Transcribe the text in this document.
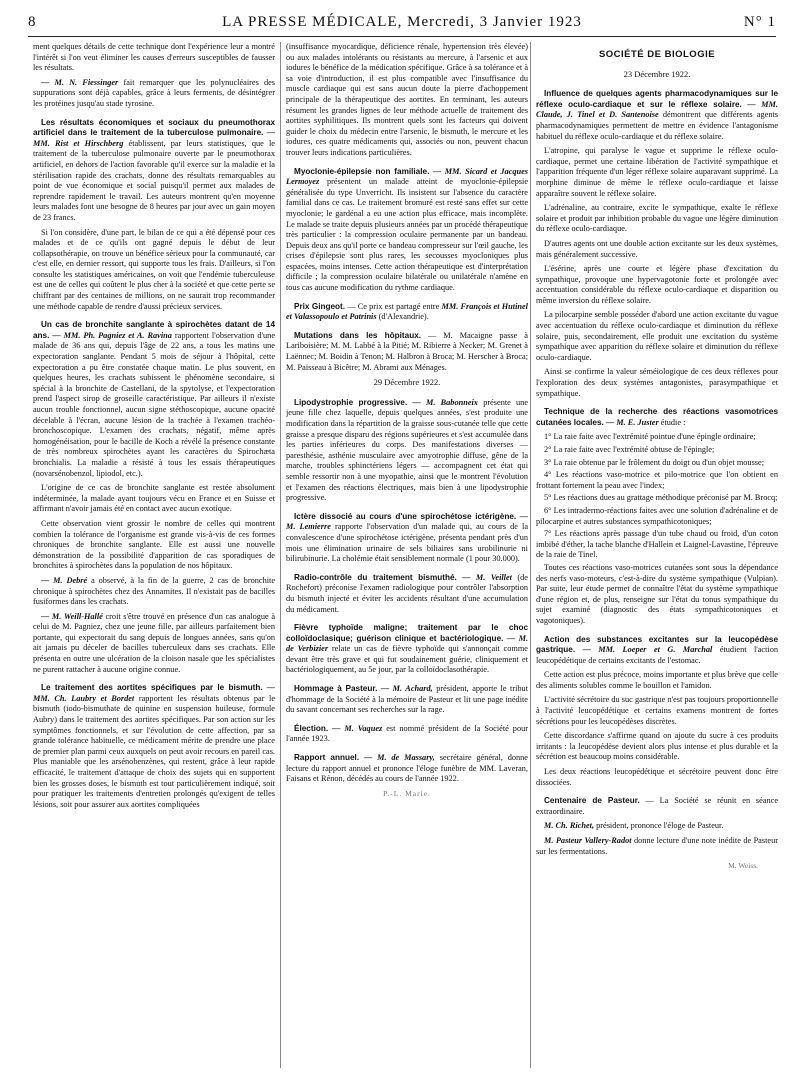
8	LA PRESSE MÉDICALE, Mercredi, 3 Janvier 1923	N° 1

ment quelques détails de cette technique dont l'expérience leur a montré l'intérêt si l'on veut éliminer les causes d'erreurs susceptibles de fausser les résultats.

— M. N. Fiessinger fait remarquer que les polynucléaires des suppurations sont déjà capables, grâce à leurs ferments, de désintégrer les protéines jusqu'au stade tyrosine.

Les résultats économiques et sociaux du pneumothorax artificiel dans le traitement de la tuberculose pulmonaire. — MM. Rist et Hirschberg établissent, par leurs statistiques, que le traitement de la tuberculose pulmonaire ouverte par le pneumothorax artificiel, en dehors de l'action favorable qu'il exerce sur la maladie et la stérilisation rapide des crachats, donne des résultats remarquables au point de vue économique et social puisqu'il permet aux malades de reprendre rapidement le travail. Les auteurs montrent qu'en moyenne leurs malades font une besogne de 8 heures par jour avec un gain moyen de 23 francs.

Si l'on considère, d'une part, le bilan de ce qui a été dépensé pour ces malades et de ce qu'ils ont gagné depuis le début de leur collapsothérapie, on trouve un bénéfice sérieux pour la communauté, car c'est elle, en dernier ressort, qui supporte tous les frais. D'ailleurs, si l'on consulte les statistiques américaines, on voit que l'endémie tuberculeuse est une de celles qui coûtent le plus cher à la société et que cette perte se chiffrant par des centaines de millions, on ne saurait trop recommander une méthode capable de rendre d'aussi précieux services.

Un cas de bronchite sanglante à spirochètes datant de 14 ans. — MM. Ph. Pagniez et A. Ravina rapportent l'observation d'une malade de 36 ans qui, depuis l'âge de 22 ans, a tous les matins une expectoration sanglante. Pendant 5 mois de séjour à l'hôpital, cette expectoration a pu être constatée chaque matin. Le plus souvent, en quelques heures, les crachats subissent le phénomène secondaire, si spécial à la bronchite de Castellani, de la spytolyse, et l'expectoration prend l'aspect sirop de groseille caractéristique. Par ailleurs il n'existe aucun trouble fonctionnel, aucun signe stéthoscopique, aucune opacité décelable à l'écran, aucune lésion de la trachée à l'examen trachéo-bronchoscopique. L'examen des crachats, négatif, même après homogénéisation, pour le bacille de Koch a révélé la présence constante de très nombreux spirochètes ayant les caractères du Spirochæta bronchialis. La maladie a résisté à tous les essais thérapeutiques (novarsénobenzol, lipiodol, etc.).

L'origine de ce cas de bronchite sanglante est restée absolument indéterminée, la malade ayant toujours vécu en France et en Suisse et affirmant n'avoir jamais été en contact avec aucun exotique.

Cette observation vient grossir le nombre de celles qui montrent combien la tolérance de l'organisme est grande vis-à-vis de ces formes chroniques de bronchite sanglante. Elle est aussi une nouvelle démonstration de la possibilité d'apparition de cas sporadiques de bronchites à spirochètes dans la population de nos hôpitaux.

— M. Debré a observé, à la fin de la guerre, 2 cas de bronchite chronique à spirochètes chez des Annamites. Il n'existait pas de bacilles fusiformes dans les crachats.

— M. Weill-Hallé croit s'être trouvé en présence d'un cas analogue à celui de M. Pagniez, chez une jeune fille, par ailleurs parfaitement bien portante, qui expectorait du sang depuis de longues années, sans qu'on ait jamais pu déceler de bacilles tuberculeux dans ses crachats. Elle présenta en outre une ulcération de la cloison nasale que les spécialistes ne purent rattacher à aucune origine connue.

Le traitement des aortites spécifiques par le bismuth. — MM. Ch. Laubry et Bordet rapportent les résultats obtenus par le bismuth (iodo-bismuthate de quinine en suspension huileuse, formule Aubry) dans le traitement des aortites spécifiques. Par son action sur les symptômes fonctionnels, et sur l'évolution de cette affection, par sa grande tolérance habituelle, ce médicament mérite de prendre une place de premier plan parmi ceux auxquels on peut avoir recours en pareil cas. Plus maniable que les arsénobenzènes, qui restent, grâce à leur rapide efficacité, le traitement d'attaque de choix des sujets qui en supportent bien les grosses doses, le bismuth est tout particulièrement indiqué, soit pour pratiquer les traitements d'entretien prolongés qu'exigent de telles lésions, soit pour assurer aux aortites compliquées

(insuffisance myocardique, déficience rénale, hypertension très élevée) ou aux malades intolérants ou résistants au mercure, à l'arsenic et aux iodures le bénéfice de la médication spécifique. Grâce à sa tolérance et à sa voie d'introduction, il est plus compatible avec l'insuffisance du muscle cardiaque qui est sans aucun doute la pierre d'achoppement principale de la thérapeutique des aortites. En terminant, les auteurs résument les grandes lignes de leur méthode actuelle de traitement des aortites syphilitiques. Ils montrent quels sont les facteurs qui doivent guider le choix du médecin entre l'arsenic, le bismuth, le mercure et les iodures, ces quatre médicaments qui, associés ou non, peuvent chacun trouver leurs indications particulières.

Myoclonie-épilepsie non familiale. — MM. Sicard et Jacques Lermoyez présentent un malade atteint de myoclonie-épilepsie généralisée du type Unverricht. Ils insistent sur l'absence du caractère familial dans ce cas. Le traitement bromuré est resté sans effet sur cette myoclonie; le gardénal a eu une action plus efficace, mais incomplète. Le malade se traite depuis plusieurs années par un procédé thérapeutique très particulier : la compression oculaire permanente par un bandeau. Depuis deux ans qu'il porte ce bandeau compresseur sur l'œil gauche, les crises d'épilepsie sont plus rares, les secousses myocloniques plus espacées, moins intenses. Cette action thérapeutique est d'interprétation difficile ; la compression oculaire bilatérale ou unilatérale n'amène en tous cas aucune modification du rythme cardiaque.

Prix Gingeot. — Ce prix est partagé entre MM. François et Hutinel et Valassopoulo et Patrinis (d'Alexandrie).

Mutations dans les hôpitaux. — M. Macaigne passe à Lariboisière; M. M. Labbé à la Pitié; M. Ribierre à Necker; M. Grenet à Laënnec; M. Boidin à Tenon; M. Halbron à Broca; M. Herscher à Broca; M. Paisseau à Bicêtre; M. Abrami aux Ménages.

29 Décembre 1922.

Lipodystrophie progressive. — M. Babonneix présente une jeune fille chez laquelle, depuis quelques années, s'est produite une modification dans la répartition de la graisse sous-cutanée telle que cette graisse a presque disparu des régions supérieures et s'est accumulée dans les parties inférieures du corps. Des manifestations diverses — paresthésie, asthénie musculaire avec amyotrophie diffuse, gêne de la marche, troubles sphinctériens légers — accompagnent cet état qui semble ressortir non à une myopathie, ainsi que le montrent l'évolution et l'examen des réactions électriques, mais bien à une lipodystrophie progressive.

Ictère dissocié au cours d'une spirochétose ictérigène. — M. Lemierre rapporte l'observation d'un malade qui, au cours de la convalescence d'une spirochétose ictérigène, présenta pendant près d'un mois une élimination urinaire de sels biliaires sans urobilinurie ni bilirubinurie. La cholémie était sensiblement normale (1 pour 30.000).

Radio-contrôle du traitement bismuthé. — M. Veillet (de Rochefort) préconise l'examen radiologique pour contrôler l'absorption du bismuth injecté et éviter les accidents résultant d'une accumulation du médicament.

Fièvre typhoïde maligne; traitement par le choc colloïdoclasique; guérison clinique et bactériologique. — M. de Verbizier relate un cas de fièvre typhoïde qui s'annonçait comme devant être très grave et qui fut soudainement guérie, cliniquement et bactériologiquement, au 5e jour, par la colloïdoclasothérapie.

Hommage à Pasteur. — M. Achard, président, apporte le tribut d'hommage de la Société à la mémoire de Pasteur et lit une page inédite du savant concernant ses recherches sur la rage.

Élection. — M. Vaquez est nommé président de la Société pour l'année 1923.

Rapport annuel. — M. de Massary, secrétaire général, donne lecture du rapport annuel et prononce l'éloge funèbre de MM. Laveran, Faisans et Rénon, décédés au cours de l'année 1922.

P.-L. Marie.

SOCIÉTÉ DE BIOLOGIE

23 Décembre 1922.

Influence de quelques agents pharmacodynamiques sur le réflexe oculo-cardiaque et sur le réflexe solaire. — MM. Claude, J. Tinel et D. Santenoise démontrent que différents agents pharmacodynamiques permettent de mettre en évidence l'antagonisme habituel du réflexe oculo-cardiaque et du réflexe solaire.

L'atropine, qui paralyse le vague et supprime le réflexe oculo-cardiaque, permet une certaine libération de l'activité sympathique et l'apparition fréquente d'un léger réflexe solaire auparavant supprimé. La morphine diminue de même le réflexe oculo-cardiaque et laisse apparaître souvent le réflexe solaire.

L'adrénaline, au contraire, excite le sympathique, exalte le réflexe solaire et produit par inhibition probable du vague une légère diminution du réflexe oculo-cardiaque.

D'autres agents ont une double action excitante sur les deux systèmes, mais généralement successive.

L'ésérine, après une courte et légère phase d'excitation du sympathique, provoque une hypervagotonie forte et prolongée avec accentuation considérable du réflexe oculo-cardiaque et disparition ou même inversion du réflexe solaire.

La pilocarpine semble posséder d'abord une action excitante du vague avec accentuation du réflexe oculo-cardiaque et diminution du réflexe solaire, puis, secondairement, elle produit une excitation du système sympathique avec apparition du réflexe solaire et diminution du réflexe oculo-cardiaque.

Ainsi se confirme la valeur séméiologique de ces deux réflexes pour l'exploration des deux systèmes antagonistes, parasympathique et sympathique.

Technique de la recherche des réactions vasomotrices cutanées locales. — M. E. Juster étudie :

1° La raie faite avec l'extrémité pointue d'une épingle ordinaire;

2° La raie faite avec l'extrémité obtuse de l'épingle;

3° La raie obtenue par le frôlement du doigt ou d'un objet mousse;

4° Les réactions vaso-motrice et pilo-motrice que l'on obtient en frottant fortement la peau avec l'index;

5° Les réactions dues au grattage méthodique préconisé par M. Brocq;

6° Les intradermo-réactions faites avec une solution d'adrénaline et de pilocarpine et autres substances sympathicotoniques;

7° Les réactions après passage d'un tube chaud ou froid, d'un coton imbibé d'éther, la tache blanche d'Hallein et Laignel-Lavastine, l'épreuve de la raie de Tinel.

Toutes ces réactions vaso-motrices cutanées sont sous la dépendance des nerfs vaso-moteurs, c'est-à-dire du système sympathique (Vulpian). Par suite, leur étude permet de connaître l'état du système sympathique d'une région et, de plus, renseigne sur l'état du tonus sympathique du sujet examiné (diagnostic des états sympathicotoniques et vagotoniques).

Action des substances excitantes sur la leucopédèse gastrique. — MM. Loeper et G. Marchal étudient l'action leucopédétique de certains excitants de l'estomac.

Cette action est plus précoce, moins importante et plus brève que celle des aliments solubles comme le bouillon et l'amidon.

L'activité sécrétoire du suc gastrique n'est pas toujours proportionnelle à l'activité leucopédétique et certains examens montrent de fortes sécrétions pour les leucopédèses discrètes.

Cette discordance s'affirme quand on ajoute du sucre à ces produits irritants : la leucopédèse devient alors plus intense et plus durable et la sécrétion est beaucoup moins considérable.

Les deux réactions leucopédétique et sécrétoire peuvent donc être dissociées.

Centenaire de Pasteur. — La Société se réunit en séance extraordinaire.

M. Ch. Richet, président, prononce l'éloge de Pasteur.

M. Pasteur Vallery-Radot donne lecture d'une note inédite de Pasteur sur les fermentations.

M. Weiss.
